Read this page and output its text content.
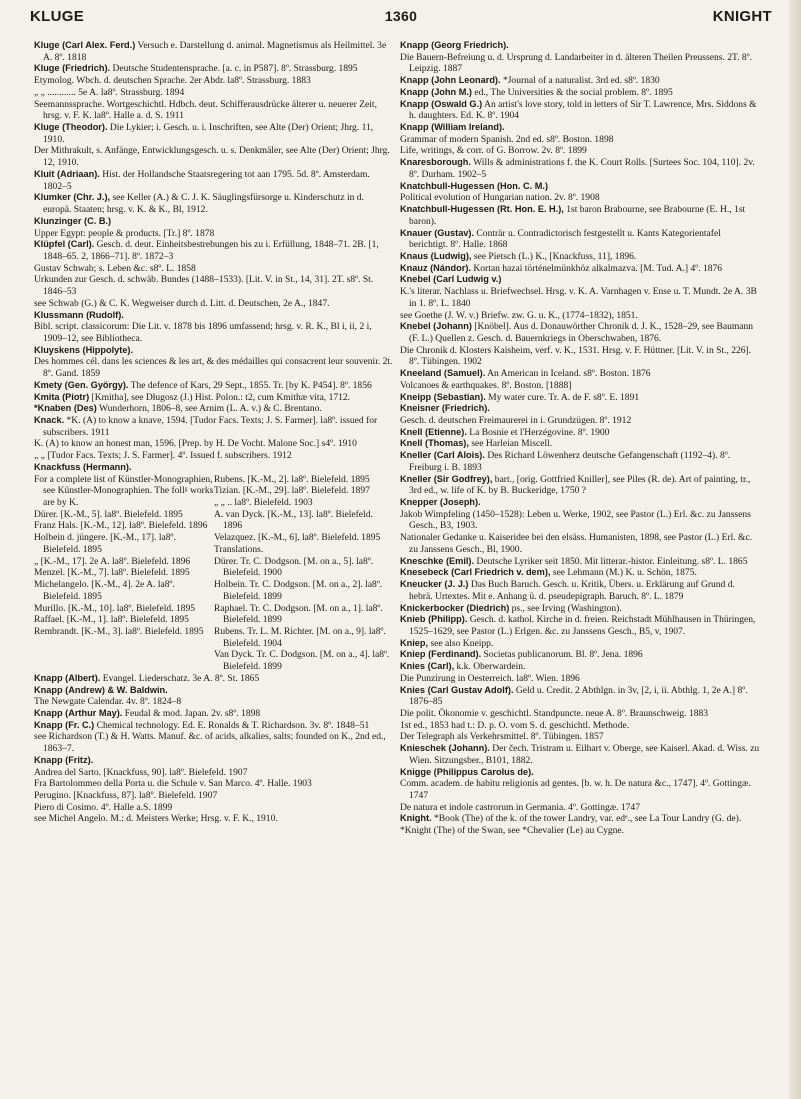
KLUGE	1360	KNIGHT

Kluge (Carl Alex. Ferd.) Versuch e. Darstellung d. animal. Magnetismus als Heilmittel. 3e A. 8º. 1818

Kluge (Friedrich). Deutsche Studentensprache. [a. c. in P587]. 8º. Strassburg. 1895

Etymolog. Wbch. d. deutschen Sprache. 2er Abdr. la8º. Strassburg. 1883

„ „ ............ 5e A. la8º. Strassburg. 1894

Seemannssprache. Wortgeschichtl. Hdbch. deut. Schifferausdrücke älterer u. neuerer Zeit, hrsg. v. F. K. la8º. Halle a. d. S. 1911

Kluge (Theodor). Die Lykier; i. Gesch. u. i. Inschriften, see Alte (Der) Orient; Jhrg. 11, 1910.

Der Mithrakult, s. Anfänge, Entwicklungsgesch. u. s. Denkmäler, see Alte (Der) Orient; Jhrg. 12, 1910.

Kluit (Adriaan). Hist. der Hollandsche Staatsregering tot aan 1795. 5d. 8º. Amsterdam. 1802–5

Klumker (Chr. J.), see Keller (A.) & C. J. K. Säuglingsfürsorge u. Kinderschutz in d. europä. Staaten; hrsg. v. K. & K., Bl, 1912.

Klunzinger (C. B.)

Upper Egypt: people & products. [Tr.] 8º. 1878

Klüpfel (Carl). Gesch. d. deut. Einheitsbestrebungen bis zu i. Erfüllung, 1848–71. 2B. [1, 1848–65. 2, 1866–71]. 8º. 1872–3

Gustav Schwab; s. Leben &c. s8º. L. 1858

Urkunden zur Gesch. d. schwäb. Bundes (1488–1533). [Lit. V. in St., 14, 31]. 2T. s8º. St. 1846–53

see Schwab (G.) & C. K. Wegweiser durch d. Litt. d. Deutschen, 2e A., 1847.

Klussmann (Rudolf).

Bibl. script. classicorum: Die Lit. v. 1878 bis 1896 umfassend; hrsg. v. R. K., Bl i, ii, 2 i, 1909–12, see Bibliotheca.

Kluyskens (Hippolyte).

Des hommes cél. dans les sciences & les art, & des médailles qui consacrent leur souvenir. 2t. 8º. Gand. 1859

Kmety (Gen. György). The defence of Kars, 29 Sept., 1855. Tr. [by K. P454]. 8º. 1856

Kmita (Piotr) [Kmitha], see Długosz (J.) Hist. Polon.: t2, cum Kmithæ vita, 1712.

*Knaben (Des) Wunderhorn, 1806–8, see Arnim (L. A. v.) & C. Brentano.

Knack. *K. (A) to know a knave, 1594. [Tudor Facs. Texts; J. S. Farmer]. la8º. issued for subscribers. 1911

K. (A) to know an honest man, 1596. [Prep. by H. De Vocht. Malone Soc.] s4º. 1910

„ „ [Tudor Facs. Texts; J. S. Farmer]. 4º. Issued f. subscribers. 1912

Knackfuss (Hermann).

For a complete list of Künstler-Monographien, see Künstler-Monographien. The follᵍ works are by K.

Dürer. [K.-M., 5]. la8º. Bielefeld. 1895

Franz Hals. [K.-M., 12]. la8º. Bielefeld. 1896

Holbein d. jüngere. [K.-M., 17]. la8º. Bielefeld. 1895

„ [K.-M., 17]. 2e A. la8º. Bielefeld. 1896

Menzel. [K.-M., 7]. la8º. Bielefeld. 1895

Michelangelo. [K.-M., 4]. 2e A. la8º. Bielefeld. 1895

Murillo. [K.-M., 10]. la8º. Bielefeld. 1895

Raffael. [K.-M., 1]. la8º. Bielefeld. 1895

Rembrandt. [K.-M., 3]. la8º. Bielefeld. 1895

Rubens. [K.-M., 2]. la8º. Bielefeld. 1895

Tizian. [K.-M., 29]. la8º. Bielefeld. 1897

„ „ .. la8º. Bielefeld. 1903

A. van Dyck. [K.-M., 13]. la8º. Bielefeld. 1896

Velazquez. [K.-M., 6]. la8º. Bielefeld. 1895

Translations.

Dürer. Tr. C. Dodgson. [M. on a., 5]. la8º. Bielefeld. 1900

Holbein. Tr. C. Dodgson. [M. on a., 2]. la8º. Bielefeld. 1899

Raphael. Tr. C. Dodgson. [M. on a., 1]. la8º. Bielefeld. 1899

Rubens. Tr. L. M. Richter. [M. on a., 9]. la8º. Bielefeld. 1904

Van Dyck. Tr. C. Dodgson. [M. on a., 4]. la8º. Bielefeld. 1899

Knapp (Albert). Evangel. Liederschatz. 3e A. 8º. St. 1865

Knapp (Andrew) & W. Baldwin.

The Newgate Calendar. 4v. 8º. 1824–8

Knapp (Arthur May). Feudal & mod. Japan. 2v. s8º. 1898

Knapp (Fr. C.) Chemical technology. Ed. E. Ronalds & T. Richardson. 3v. 8º. 1848–51

see Richardson (T.) & H. Watts. Manuf. &c. of acids, alkalies, salts; founded on K., 2nd ed., 1863–7.

Knapp (Fritz).

Andrea del Sarto. [Knackfuss, 90]. la8º. Bielefeld. 1907

Fra Bartolommeo della Porta u. die Schule v. San Marco. 4º. Halle. 1903

Perugino. [Knackfuss, 87]. la8º. Bielefeld. 1907

Piero di Cosimo. 4º. Halle a.S. 1899

see Michel Angelo. M.: d. Meisters Werke; Hrsg. v. F. K., 1910.

Knapp (Georg Friedrich).

Die Bauern-Befreiung u. d. Ursprung d. Landarbeiter in d. älteren Theilen Preussens. 2T. 8º. Leipzig. 1887

Knapp (John Leonard). *Journal of a naturalist. 3rd ed. s8º. 1830

Knapp (John M.) ed., The Universities & the social problem. 8º. 1895

Knapp (Oswald G.) An artist's love story, told in letters of Sir T. Lawrence, Mrs. Siddons & h. daughters. Ed. K. 8º. 1904

Knapp (William Ireland).

Grammar of modern Spanish. 2nd ed. s8º. Boston. 1898

Life, writings, & corr. of G. Borrow. 2v. 8º. 1899

Knaresborough. Wills & administrations f. the K. Court Rolls. [Surtees Soc. 104, 110]. 2v. 8º. Durham. 1902–5

Knatchbull-Hugessen (Hon. C. M.)

Political evolution of Hungarian nation. 2v. 8º. 1908

Knatchbull-Hugessen (Rt. Hon. E. H.), 1st baron Brabourne, see Brabourne (E. H., 1st baron).

Knauer (Gustav). Conträr u. Contradictorisch festgestellt u. Kants Kategorientafel berichtigt. 8º. Halle. 1868

Knaus (Ludwig), see Pietsch (L.) K., [Knackfuss, 11], 1896.

Knauz (Nándor). Kortan hazai történelmünkhöz alkalmazva. [M. Tud. A.] 4º. 1876

Knebel (Carl Ludwig v.)

K.'s literar. Nachlass u. Briefwechsel. Hrsg. v. K. A. Varnhagen v. Ense u. T. Mundt. 2e A. 3B in 1. 8º. L. 1840

see Goethe (J. W. v.) Briefw. zw. G. u. K., (1774–1832), 1851.

Knebel (Johann) [Knöbel]. Aus d. Donauwörther Chronik d. J. K., 1528–29, see Baumann (F. L.) Quellen z. Gesch. d. Bauernkriegs in Oberschwaben, 1876.

Die Chronik d. Klosters Kaisheim, verf. v. K., 1531. Hrsg. v. F. Hüttner. [Lit. V. in St., 226]. 8º. Tübingen. 1902

Kneeland (Samuel). An American in Iceland. s8º. Boston. 1876

Volcanoes & earthquakes. 8º. Boston. [1888]

Kneipp (Sebastian). My water cure. Tr. A. de F. s8º. E. 1891

Kneisner (Friedrich).

Gesch. d. deutschen Freimaurerei in i. Grundzügen. 8º. 1912

Knell (Etienne). La Bosnie et l'Herzégovine. 8º. 1900

Knell (Thomas), see Harleian Miscell.

Kneller (Carl Alois). Des Richard Löwenherz deutsche Gefangenschaft (1192–4). 8º. Freiburg i. B. 1893

Kneller (Sir Godfrey), bart., [orig. Gottfried Kniller], see Piles (R. de). Art of painting, tr., 3rd ed., w. life of K. by B. Buckeridge, 1750 ?

Knepper (Joseph).

Jakob Wimpfeling (1450–1528): Leben u. Werke, 1902, see Pastor (L.) Erl. &c. zu Janssens Gesch., B3, 1903.

Nationaler Gedanke u. Kaiseridee bei den elsäss. Humanisten, 1898, see Pastor (L.) Erl. &c. zu Janssens Gesch., Bl, 1900.

Kneschke (Emil). Deutsche Lyriker seit 1850. Mit litterar.-histor. Einleitung. s8º. L. 1865

Knesebeck (Carl Friedrich v. dem), see Lehmann (M.) K. u. Schön, 1875.

Kneucker (J. J.) Das Buch Baruch. Gesch. u. Kritik, Übers. u. Erklärung auf Grund d. hebrä. Urtextes. Mit e. Anhang ü. d. pseudepigraph. Baruch. 8º. L. 1879

Knickerbocker (Diedrich) ps., see Irving (Washington).

Knieb (Philipp). Gesch. d. kathol. Kirche in d. freien. Reichstadt Mühlhausen in Thüringen, 1525–1629, see Pastor (L.) Erlgen. &c. zu Janssens Gesch., B5, v, 1907.

Kniep, see also Kneipp.

Kniep (Ferdinand). Societas publicanorum. Bl. 8º. Jena. 1896

Knies (Carl), k.k. Oberwardein.

Die Punzirung in Oesterreich. la8º. Wien. 1896

Knies (Carl Gustav Adolf). Geld u. Credit. 2 Abthlgn. in 3v, [2, i, ii. Abthlg. 1, 2e A.] 8º. 1876–85

Die polit. Ökonomie v. geschichtl. Standpuncte. neue A. 8º. Braunschweig. 1883

1st ed., 1853 had t.: D. p. O. vom S. d. geschichtl. Methode.

Der Telegraph als Verkehrsmittel. 8º. Tübingen. 1857

Knieschek (Johann). Der čech. Tristram u. Eilhart v. Oberge, see Kaiserl. Akad. d. Wiss. zu Wien. Sitzungsber., B101, 1882.

Knigge (Philippus Carolus de).

Comm. academ. de habitu religionis ad gentes. [b. w. h. De natura &c., 1747]. 4º. Gottingæ. 1747

De natura et indole castrorum in Germania. 4º. Gottingæ. 1747

Knight. *Book (The) of the k. of the tower Landry, var. edᵉ., see La Tour Landry (G. de).

*Knight (The) of the Swan, see *Chevalier (Le) au Cygne.
